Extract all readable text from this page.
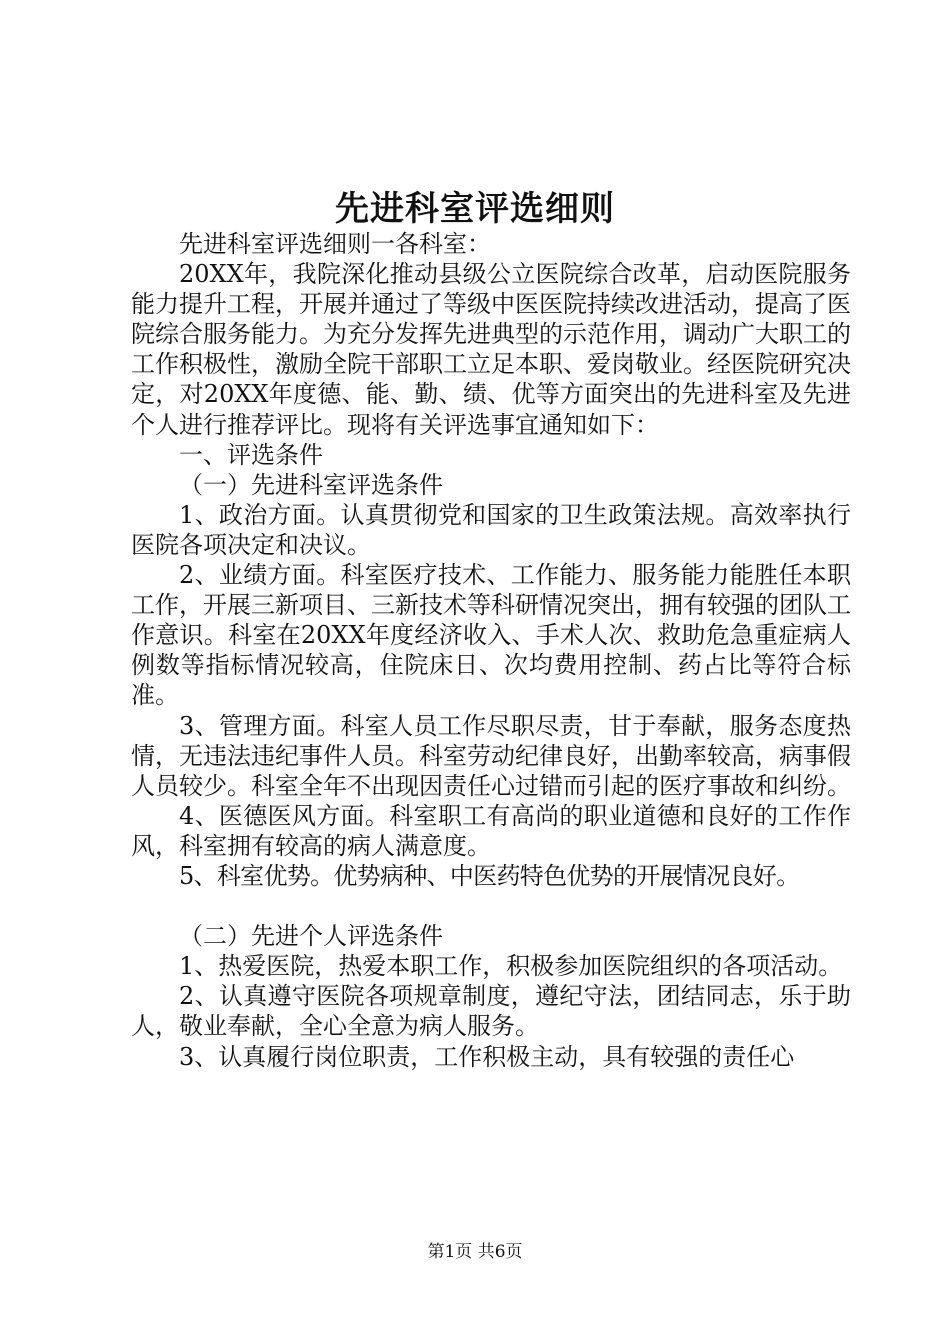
先进科室评选细则

先进科室评选细则一各科室：

20XX年，我院深化推动县级公立医院综合改革，启动医院服务能力提升工程，开展并通过了等级中医医院持续改进活动，提高了医院综合服务能力。为充分发挥先进典型的示范作用，调动广大职工的工作积极性，激励全院干部职工立足本职、爱岗敬业。经医院研究决定，对20XX年度德、能、勤、绩、优等方面突出的先进科室及先进个人进行推荐评比。现将有关评选事宜通知如下：

一、评选条件

（一）先进科室评选条件

1、政治方面。认真贯彻党和国家的卫生政策法规。高效率执行医院各项决定和决议。

2、业绩方面。科室医疗技术、工作能力、服务能力能胜任本职工作，开展三新项目、三新技术等科研情况突出，拥有较强的团队工作意识。科室在20XX年度经济收入、手术人次、救助危急重症病人例数等指标情况较高，住院床日、次均费用控制、药占比等符合标准。

3、管理方面。科室人员工作尽职尽责，甘于奉献，服务态度热情，无违法违纪事件人员。科室劳动纪律良好，出勤率较高，病事假人员较少。科室全年不出现因责任心过错而引起的医疗事故和纠纷。

4、医德医风方面。科室职工有高尚的职业道德和良好的工作作风，科室拥有较高的病人满意度。

5、科室优势。优势病种、中医药特色优势的开展情况良好。

（二）先进个人评选条件

1、热爱医院，热爱本职工作，积极参加医院组织的各项活动。

2、认真遵守医院各项规章制度，遵纪守法，团结同志，乐于助人，敬业奉献，全心全意为病人服务。

3、认真履行岗位职责，工作积极主动，具有较强的责任心

第1页 共6页
